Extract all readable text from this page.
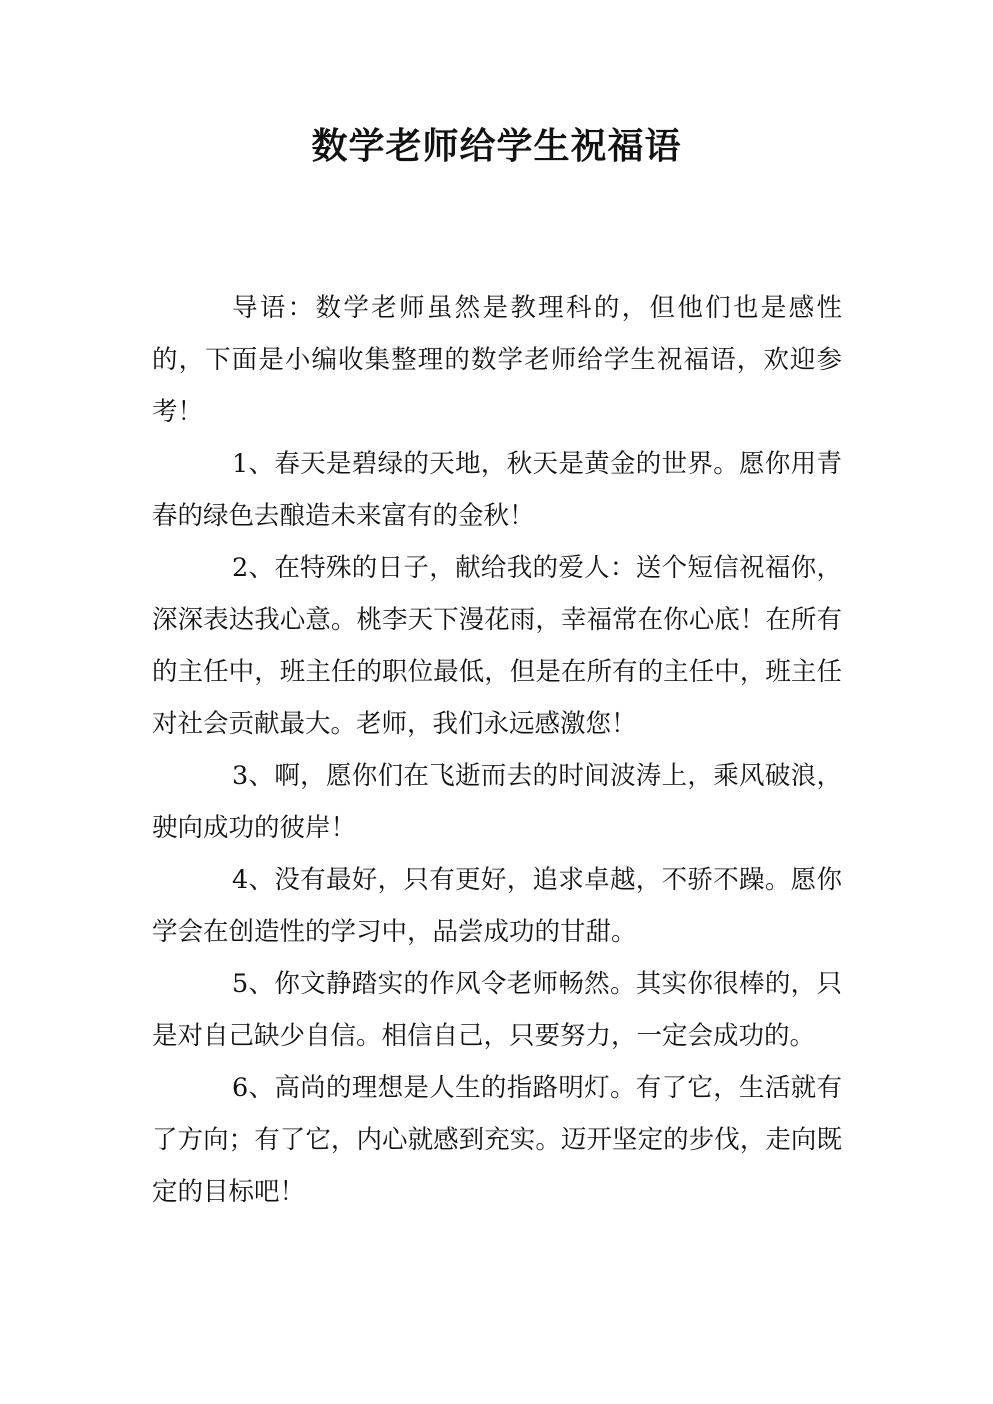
数学老师给学生祝福语

导语：数学老师虽然是教理科的，但他们也是感性的，下面是小编收集整理的数学老师给学生祝福语，欢迎参考！

1、春天是碧绿的天地，秋天是黄金的世界。愿你用青春的绿色去酿造未来富有的金秋！

2、在特殊的日子，献给我的爱人：送个短信祝福你，深深表达我心意。桃李天下漫花雨，幸福常在你心底！在所有的主任中，班主任的职位最低，但是在所有的主任中，班主任对社会贡献最大。老师，我们永远感激您！

3、啊，愿你们在飞逝而去的时间波涛上，乘风破浪，驶向成功的彼岸！

4、没有最好，只有更好，追求卓越，不骄不躁。愿你学会在创造性的学习中，品尝成功的甘甜。

5、你文静踏实的作风令老师畅然。其实你很棒的，只是对自己缺少自信。相信自己，只要努力，一定会成功的。

6、高尚的理想是人生的指路明灯。有了它，生活就有了方向；有了它，内心就感到充实。迈开坚定的步伐，走向既定的目标吧！
